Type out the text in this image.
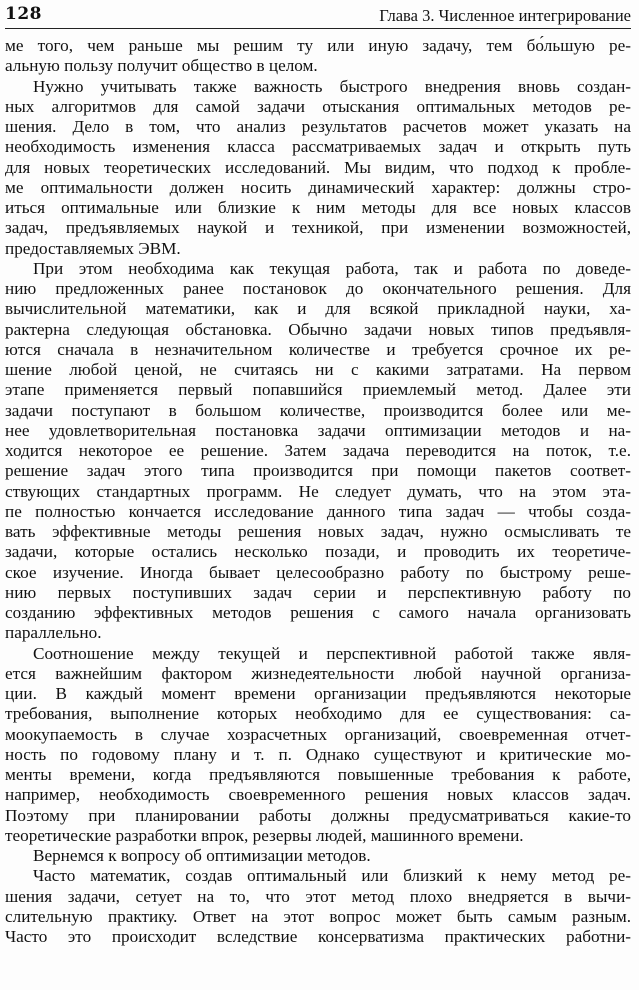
128	Глава 3. Численное интегрирование
ме того, чем раньше мы решим ту или иную задачу, тем бо́льшую ре-
альную пользу получит общество в целом.
Нужно учитывать также важность быстрого внедрения вновь создан-
ных алгоритмов для самой задачи отыскания оптимальных методов ре-
шения. Дело в том, что анализ результатов расчетов может указать на
необходимость изменения класса рассматриваемых задач и открыть путь
для новых теоретических исследований. Мы видим, что подход к пробле-
ме оптимальности должен носить динамический характер: должны стро-
иться оптимальные или близкие к ним методы для все новых классов
задач, предъявляемых наукой и техникой, при изменении возможностей,
предоставляемых ЭВМ.
При этом необходима как текущая работа, так и работа по доведе-
нию предложенных ранее постановок до окончательного решения. Для
вычислительной математики, как и для всякой прикладной науки, ха-
рактерна следующая обстановка. Обычно задачи новых типов предъявля-
ются сначала в незначительном количестве и требуется срочное их ре-
шение любой ценой, не считаясь ни с какими затратами. На первом
этапе применяется первый попавшийся приемлемый метод. Далее эти
задачи поступают в большом количестве, производится более или ме-
нее удовлетворительная постановка задачи оптимизации методов и на-
ходится некоторое ее решение. Затем задача переводится на поток, т.е.
решение задач этого типа производится при помощи пакетов соответ-
ствующих стандартных программ. Не следует думать, что на этом эта-
пе полностью кончается исследование данного типа задач — чтобы созда-
вать эффективные методы решения новых задач, нужно осмысливать те
задачи, которые остались несколько позади, и проводить их теоретиче-
ское изучение. Иногда бывает целесообразно работу по быстрому реше-
нию первых поступивших задач серии и перспективную работу по
созданию эффективных методов решения с самого начала организовать
параллельно.
Соотношение между текущей и перспективной работой также явля-
ется важнейшим фактором жизнедеятельности любой научной организа-
ции. В каждый момент времени организации предъявляются некоторые
требования, выполнение которых необходимо для ее существования: са-
моокупаемость в случае хозрасчетных организаций, своевременная отчет-
ность по годовому плану и т. п. Однако существуют и критические мо-
менты времени, когда предъявляются повышенные требования к работе,
например, необходимость своевременного решения новых классов задач.
Поэтому при планировании работы должны предусматриваться какие-то
теоретические разработки впрок, резервы людей, машинного времени.
Вернемся к вопросу об оптимизации методов.
Часто математик, создав оптимальный или близкий к нему метод ре-
шения задачи, сетует на то, что этот метод плохо внедряется в вычи-
слительную практику. Ответ на этот вопрос может быть самым разным.
Часто это происходит вследствие консерватизма практических работни-
